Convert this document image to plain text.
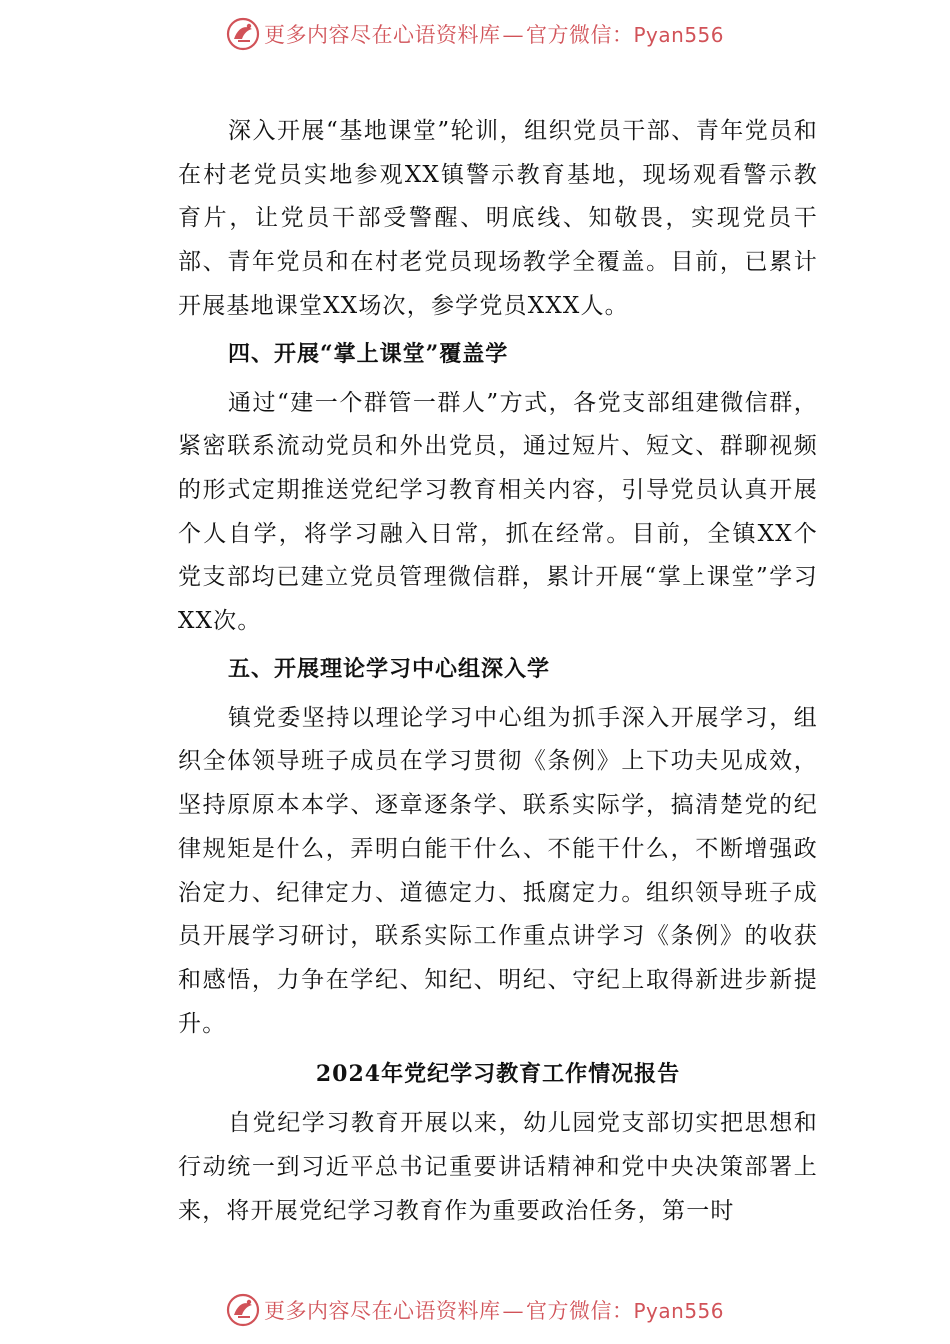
更多内容尽在心语资料库—官方微信：Pyan556

深入开展“基地课堂”轮训，组织党员干部、青年党员和在村老党员实地参观XX镇警示教育基地，现场观看警示教育片，让党员干部受警醒、明底线、知敬畏，实现党员干部、青年党员和在村老党员现场教学全覆盖。目前，已累计开展基地课堂XX场次，参学党员XXX人。

四、开展“掌上课堂”覆盖学

通过“建一个群管一群人”方式，各党支部组建微信群，紧密联系流动党员和外出党员，通过短片、短文、群聊视频的形式定期推送党纪学习教育相关内容，引导党员认真开展个人自学，将学习融入日常，抓在经常。目前，全镇XX个党支部均已建立党员管理微信群，累计开展“掌上课堂”学习XX次。

五、开展理论学习中心组深入学

镇党委坚持以理论学习中心组为抓手深入开展学习，组织全体领导班子成员在学习贯彻《条例》上下功夫见成效，坚持原原本本学、逐章逐条学、联系实际学，搞清楚党的纪律规矩是什么，弄明白能干什么、不能干什么，不断增强政治定力、纪律定力、道德定力、抵腐定力。组织领导班子成员开展学习研讨，联系实际工作重点讲学习《条例》的收获和感悟，力争在学纪、知纪、明纪、守纪上取得新进步新提升。

2024年党纪学习教育工作情况报告

自党纪学习教育开展以来，幼儿园党支部切实把思想和行动统一到习近平总书记重要讲话精神和党中央决策部署上来，将开展党纪学习教育作为重要政治任务，第一时

更多内容尽在心语资料库—官方微信：Pyan556
